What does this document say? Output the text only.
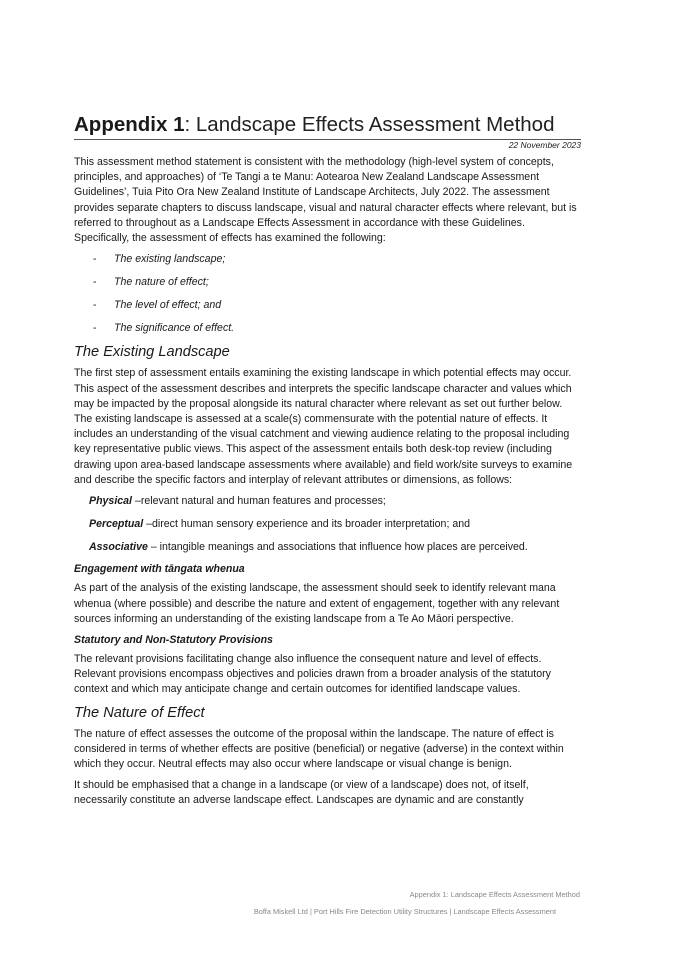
Appendix 1: Landscape Effects Assessment Method
22 November 2023

This assessment method statement is consistent with the methodology (high-level system of concepts, principles, and approaches) of ‘Te Tangi a te Manu: Aotearoa New Zealand Landscape Assessment Guidelines’, Tuia Pito Ora New Zealand Institute of Landscape Architects, July 2022. The assessment provides separate chapters to discuss landscape, visual and natural character effects where relevant, but is referred to throughout as a Landscape Effects Assessment in accordance with these Guidelines. Specifically, the assessment of effects has examined the following:

- The existing landscape;
- The nature of effect;
- The level of effect; and
- The significance of effect.
The Existing Landscape

The first step of assessment entails examining the existing landscape in which potential effects may occur. This aspect of the assessment describes and interprets the specific landscape character and values which may be impacted by the proposal alongside its natural character where relevant as set out further below. The existing landscape is assessed at a scale(s) commensurate with the potential nature of effects. It includes an understanding of the visual catchment and viewing audience relating to the proposal including key representative public views. This aspect of the assessment entails both desk-top review (including drawing upon area-based landscape assessments where available) and field work/site surveys to examine and describe the specific factors and interplay of relevant attributes or dimensions, as follows:

Physical –relevant natural and human features and processes;

Perceptual –direct human sensory experience and its broader interpretation; and

Associative – intangible meanings and associations that influence how places are perceived.

Engagement with tāngata whenua

As part of the analysis of the existing landscape, the assessment should seek to identify relevant mana whenua (where possible) and describe the nature and extent of engagement, together with any relevant sources informing an understanding of the existing landscape from a Te Ao Māori perspective.

Statutory and Non-Statutory Provisions

The relevant provisions facilitating change also influence the consequent nature and level of effects. Relevant provisions encompass objectives and policies drawn from a broader analysis of the statutory context and which may anticipate change and certain outcomes for identified landscape values.

The Nature of Effect

The nature of effect assesses the outcome of the proposal within the landscape. The nature of effect is considered in terms of whether effects are positive (beneficial) or negative (adverse) in the context within which they occur. Neutral effects may also occur where landscape or visual change is benign.

It should be emphasised that a change in a landscape (or view of a landscape) does not, of itself, necessarily constitute an adverse landscape effect. Landscapes are dynamic and are constantly

Appendix 1: Landscape Effects Assessment Method
Boffa Miskell Ltd | Port Hills Fire Detection Utility Structures | Landscape Effects Assessment
